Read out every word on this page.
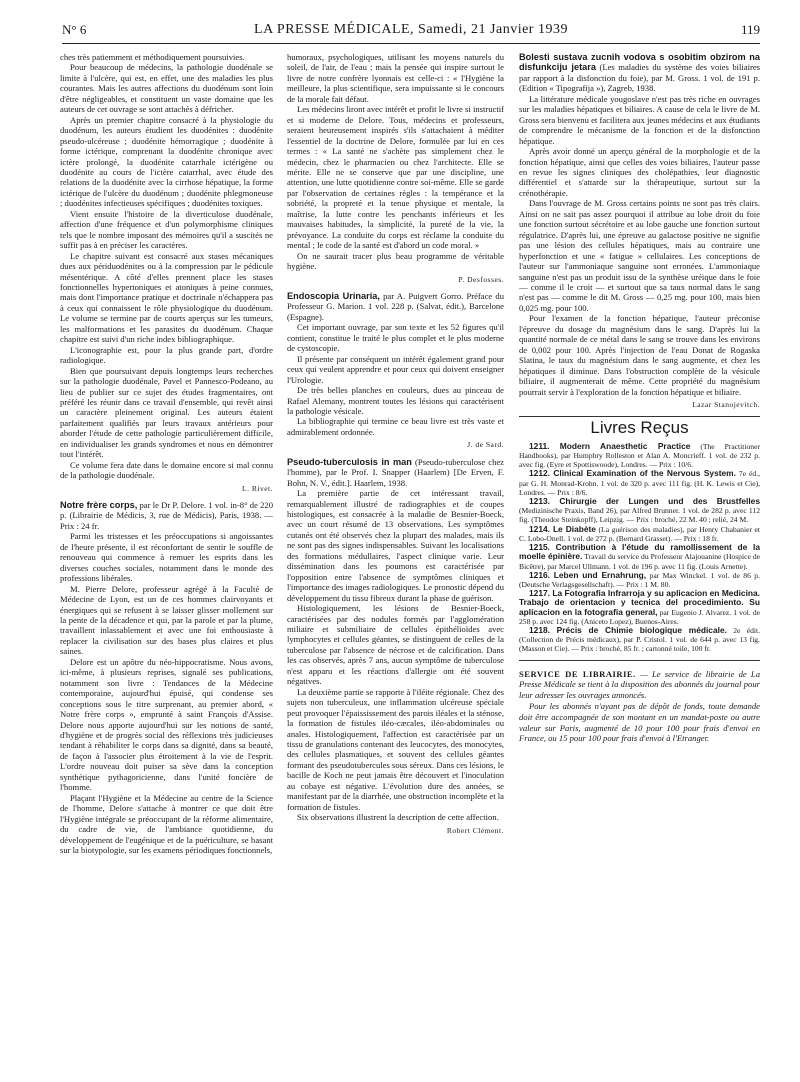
N° 6	LA PRESSE MÉDICALE, Samedi, 21 Janvier 1939	119

ches très patiemment et méthodiquement poursuivies.

Pour beaucoup de médecins, la pathologie duodénale se limite à l'ulcère, qui est, en effet, une des maladies les plus courantes. Mais les autres affections du duodénum sont loin d'être négligeables, et constituent un vaste domaine que les auteurs de cet ouvrage se sont attachés à défricher.

Après un premier chapitre consacré à la physiologie du duodénum, les auteurs étudient les duodénites : duodénite pseudo-ulcéreuse ; duodénite hémorragique ; duodénite à forme ictérique, comprenant la duodénite chronique avec ictère prolongé, la duodénite catarrhale ictérigène ou duodénite au cours de l'ictère catarrhal, avec étude des relations de la duodénite avec la cirrhose hépatique, la forme ictérique de l'ulcère du duodénum ; duodénite phlegmoneuse ; duodénites infectieuses spécifiques ; duodénites toxiques.

Vient ensuite l'histoire de la diverticulose duodénale, affection d'une fréquence et d'un polymorphisme cliniques tels que le nombre imposant des mémoires qu'il a suscités ne suffit pas à en préciser les caractères.

Le chapitre suivant est consacré aux stases mécaniques dues aux périduodénites ou à la compression par le pédicule mésentérique. A côté d'elles prennent place les stases fonctionnelles hypertoniques et atoniques à peine connues, mais dont l'importance pratique et doctrinale n'échappera pas à ceux qui connaissent le rôle physiologique du duodénum. Le volume se termine par de courts aperçus sur les tumeurs, les malformations et les parasites du duodénum. Chaque chapitre est suivi d'un riche index bibliographique.

L'iconographie est, pour la plus grande part, d'ordre radiologique.

Bien que poursuivant depuis longtemps leurs recherches sur la pathologie duodénale, Pavel et Pannesco-Podeano, au lieu de publier sur ce sujet des études fragmentaires, ont préféré les réunir dans ce travail d'ensemble, qui revêt ainsi un caractère pleinement original. Les auteurs étaient parfaitement qualifiés par leurs travaux antérieurs pour aborder l'étude de cette pathologie particulièrement difficile, en individualiser les grands syndromes et nous en démontrer tout l'intérêt.

Ce volume fera date dans le domaine encore si mal connu de la pathologie duodénale.

L. Rivet.

Notre frère corps, par le Dr P. Delore. 1 vol. in-8° de 220 p. (Librairie de Médicis, 3, rue de Médicis), Paris, 1938. — Prix : 24 fr.

Parmi les tristesses et les préoccupations si angoissantes de l'heure présente, il est réconfortant de sentir le souffle de renouveau qui commence à remuer les esprits dans les diverses couches sociales, notamment dans le monde des professions libérales.

M. Pierre Delore, professeur agrégé à la Faculté de Médecine de Lyon, est un de ces hommes clairvoyants et énergiques qui se refusent à se laisser glisser mollement sur la pente de la décadence et qui, par la parole et par la plume, travaillent inlassablement et avec une foi enthousiaste à replacer la civilisation sur des bases plus claires et plus saines.

Delore est un apôtre du néo-hippocratisme. Nous avons, ici-même, à plusieurs reprises, signalé ses publications, notamment son livre : Tendances de la Médecine contemporaine, aujourd'hui épuisé, qui condense ses conceptions sous le titre surprenant, au premier abord, « Notre frère corps », emprunté à saint François d'Assise. Delore nous apporte aujourd'hui sur les notions de santé, d'hygiène et de progrès social des réflexions très judicieuses tendant à réhabiliter le corps dans sa dignité, dans sa beauté, de façon à l'associer plus étroitement à la vie de l'esprit. L'ordre nouveau doit puiser sa sève dans la conception synthétique pythagoricienne, dans l'unité foncière de l'homme.

Plaçant l'Hygiène et la Médecine au centre de la Science de l'homme, Delore s'attache à montrer ce que doit être l'Hygiène intégrale se préoccupant de la réforme alimentaire, du cadre de vie, de l'ambiance quotidienne, du développement de l'eugénique et de la puériculture, se basant sur la biotypologie, sur les examens périodiques fonctionnels,

humoraux, psychologiques, utilisant les moyens naturels du soleil, de l'air, de l'eau ; mais la pensée qui inspire surtout le livre de notre confrère lyonnais est celle-ci : « l'Hygiène la meilleure, la plus scientifique, sera impuissante si le concours de la morale fait défaut.

Les médecins liront avec intérêt et profit le livre si instructif et si moderne de Delore. Tous, médecins et professeurs, seraient heureusement inspirés s'ils s'attachaient à méditer l'essentiel de la doctrine de Delore, formulée par lui en ces termes : « La santé ne s'achète pas simplement chez le médecin, chez le pharmacien ou chez l'architecte. Elle se mérite. Elle ne se conserve que par une discipline, une attention, une lutte quotidienne contre soi-même. Elle se garde par l'observation de certaines règles : la tempérance et la sobriété, la propreté et la tenue physique et mentale, la maîtrise, la lutte contre les penchants inférieurs et les mauvaises habitudes, la simplicité, la pureté de la vie, la prévoyance. La conduite du corps est réclame la conduite du mental ; le code de la santé est d'abord un code moral. »

On ne saurait tracer plus beau programme de véritable hygiène.

P. Desfosses.

Endoscopia Urinaria, par A. Puigvert Gorro. Préface du Professeur G. Marion. 1 vol. 228 p. (Salvat, édit.), Barcelone (Espagne).

Cet important ouvrage, par son texte et les 52 figures qu'il contient, constitue le traité le plus complet et le plus moderne de cystoscopie.

Il présente par conséquent un intérêt également grand pour ceux qui veulent apprendre et pour ceux qui doivent enseigner l'Urologie.

De très belles planches en couleurs, dues au pinceau de Rafael Alemany, montrent toutes les lésions qui caractérisent la pathologie vésicale.

La bibliographie qui termine ce beau livre est très vaste et admirablement ordonnée.

J. de Sard.

Pseudo-tuberculosis in man (Pseudo-tuberculose chez l'homme), par le Prof. I. Snapper (Haarlem) [De Erven, F. Bohn, N. V., édit.]. Haarlem, 1938.

La première partie de cet intéressant travail, remarquablement illustré de radiographies et de coupes histologiques, est consacrée à la maladie de Besnier-Boeck, avec un court résumé de 13 observations. Les symptômes cutanés ont été observés chez la plupart des malades, mais ils ne sont pas des signes indispensables. Suivant les localisations des formations médullaires, l'aspect clinique varie. Leur dissémination dans les poumons est caractérisée par l'opposition entre l'absence de symptômes cliniques et l'importance des images radiologiques. Le pronostic dépend du développement du tissu fibreux durant la phase de guérison.

Histologiquement, les lésions de Besnier-Boeck, caractérisées par des nodules formés par l'agglomération miliaire et submiliaire de cellules épithélioïdes avec lymphocytes et cellules géantes, se distinguent de celles de la tuberculose par l'absence de nécrose et de calcification. Dans les cas observés, après 7 ans, aucun symptôme de tuberculose n'est apparu et les réactions d'allergie ont été souvent négatives.

La deuxième partie se rapporte à l'iléite régionale. Chez des sujets non tuberculeux, une inflammation ulcéreuse spéciale peut provoquer l'épaississement des parois iléales et la sténose, la formation de fistules iléo-cæcales, iléo-abdominales ou anales. Histologiquement, l'affection est caractérisée par un tissu de granulations contenant des leucocytes, des monocytes, des cellules plasmatiques, et souvent des cellules géantes formant des pseudotubercules sous séreux. Dans ces lésions, le bacille de Koch ne peut jamais être découvert et l'inoculation au cobaye est négative. L'évolution dure des années, se manifestant par de la diarrhée, une obstruction incomplète et la formation de fistules.

Six observations illustrent la description de cette affection.

Robert Clément.

Bolesti sustava zucnih vodova s osobitim obzirom na disfunkciju jetara (Les maladies du système des voies biliaires par rapport à la disfonction du foie), par M. Gross. 1 vol. de 191 p. (Edition « Tipografija »), Zagreb, 1938.

La littérature médicale yougoslave n'est pas très riche en ouvrages sur les maladies hépatiques et biliaires. A cause de cela le livre de M. Gross sera bienvenu et facilitera aux jeunes médecins et aux étudiants de comprendre le mécanisme de la fonction et de la disfonction hépatique.

Après avoir donné un aperçu général de la morphologie et de la fonction hépatique, ainsi que celles des voies biliaires, l'auteur passe en revue les signes cliniques des cholépathies, leur diagnostic différentiel et s'attarde sur la thérapeutique, surtout sur la crénothérapie.

Dans l'ouvrage de M. Gross certains points ne sont pas très clairs. Ainsi on ne sait pas assez pourquoi il attribue au lobe droit du foie une fonction surtout sécrétoire et au lobe gauche une fonction surtout régulatrice. D'après lui, une épreuve au galactose positive ne signifie pas une lésion des cellules hépatiques, mais au contraire une hyperfonction et une « fatigue » cellulaires. Les conceptions de l'auteur sur l'ammoniaque sanguine sont erronées. L'ammoniaque sanguine n'est pas un produit issu de la synthèse uréique dans le foie — comme il le croit — et surtout que sa taux normal dans le sang n'est pas — comme le dit M. Gross — 0,25 mg. pour 100, mais bien 0,025 mg. pour 100.

Pour l'examen de la fonction hépatique, l'auteur préconise l'épreuve du dosage du magnésium dans le sang. D'après lui la quantité normale de ce métal dans le sang se trouve dans les environs de 0,002 pour 100. Après l'injection de l'eau Donat de Rogaska Slatina, le taux du magnésium dans le sang augmente, et chez les hépatiques il diminue. Dans l'obstruction complète de la vésicule biliaire, il augmenterait de même. Cette propriété du magnésium pourrait servir à l'exploration de la fonction hépatique et biliaire.

Lazar Stanojevitch.
Livres Reçus

1211. Modern Anaesthetic Practice (The Practitioner Handbooks), par Humphry Rolleston et Alan A. Moncrieff. 1 vol. de 232 p. avec fig. (Eyre et Spottiswoode), Londres. — Prix : 10/6.

1212. Clinical Examination of the Nervous System. 7e éd., par G. H. Monrad-Krohn. 1 vol. de 320 p. avec 111 fig. (H. K. Lewis et Cie), Londres. — Prix : 8/6.

1213. Chirurgie der Lungen und des Brustfelles (Medizinische Praxis, Band 26), par Alfred Brunner. 1 vol. de 282 p. avec 112 fig. (Theodor Steinkopff), Leipzig. — Prix : broché, 22 M. 40 ; relié, 24 M.

1214. Le Diabète (La guérison des maladies), par Henry Chabanier et C. Lobo-Onell. 1 vol. de 272 p. (Bernard Grasset). — Prix : 18 fr.

1215. Contribution à l'étude du ramollissement de la moelle épinière. Travail du service du Professeur Alajouanine (Hospice de Bicêtre), par Marcel Ullmann. 1 vol. de 196 p. avec 11 fig. (Louis Arnette).

1216. Leben und Ernahrung, par Max Winckel. 1 vol. de 86 p. (Deutsche Verlagsgesellschaft). — Prix : 1 M. 80.

1217. La Fotografia Infrarroja y su aplicacion en Medicina. Trabajo de orientacion y tecnica del procedimiento. Su aplicacion en la fotografia general, par Eugenio J. Alvarez. 1 vol. de 258 p. avec 124 fig. (Aniceto Lopez), Buenos-Aires.

1218. Précis de Chimie biologique médicale. 2e édit. (Collection de Précis médicaux), par P. Cristol. 1 vol. de 644 p. avec 13 fig. (Masson et Cie). — Prix : broché, 85 fr. ; cartonné toile, 100 fr.

SERVICE DE LIBRAIRIE. — Le service de librairie de La Presse Médicale se tient à la disposition des abonnés du journal pour leur adresser les ouvrages annoncés.

Pour les abonnés n'ayant pas de dépôt de fonds, toute demande doit être accompagnée de son montant en un mandat-poste ou autre valeur sur Paris, augmenté de 10 pour 100 pour frais d'envoi en France, ou 15 pour 100 pour frais d'envoi à l'Etranger.
